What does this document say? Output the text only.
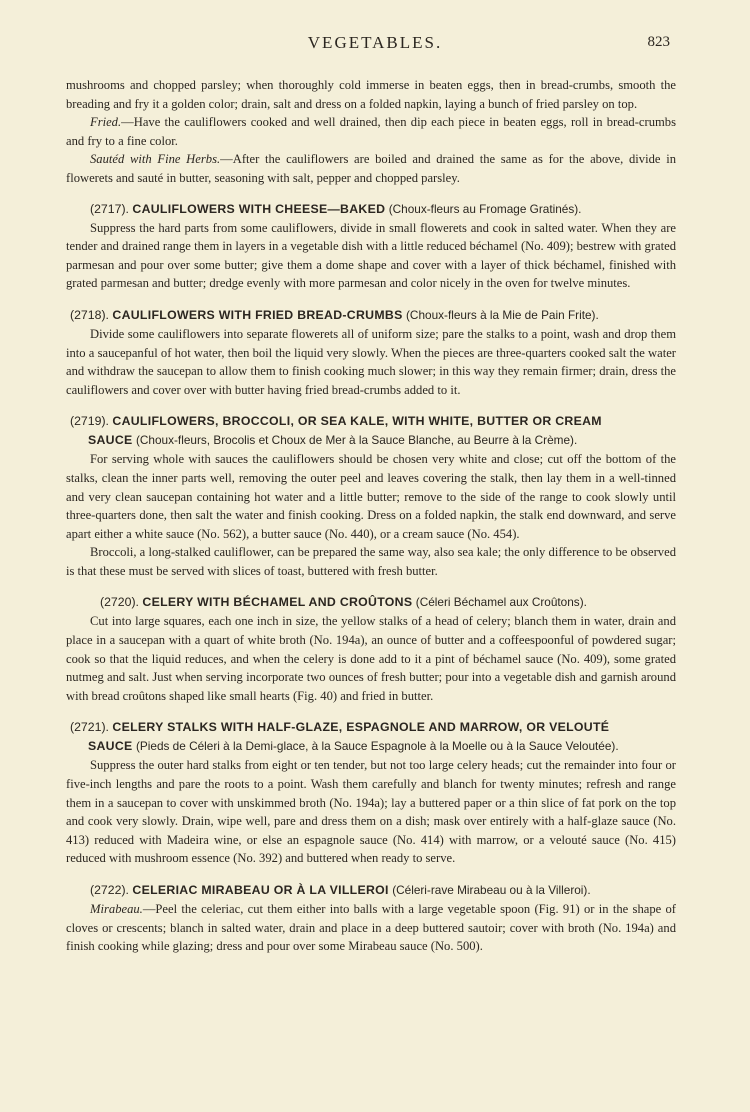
VEGETABLES.	823

mushrooms and chopped parsley; when thoroughly cold immerse in beaten eggs, then in bread-crumbs, smooth the breading and fry it a golden color; drain, salt and dress on a folded napkin, laying a bunch of fried parsley on top.

Fried.—Have the cauliflowers cooked and well drained, then dip each piece in beaten eggs, roll in bread-crumbs and fry to a fine color.

Sautéd with Fine Herbs.—After the cauliflowers are boiled and drained the same as for the above, divide in flowerets and sauté in butter, seasoning with salt, pepper and chopped parsley.

(2717). CAULIFLOWERS WITH CHEESE—BAKED (Choux-fleurs au Fromage Gratinés).

Suppress the hard parts from some cauliflowers, divide in small flowerets and cook in salted water. When they are tender and drained range them in layers in a vegetable dish with a little reduced béchamel (No. 409); bestrew with grated parmesan and pour over some butter; give them a dome shape and cover with a layer of thick béchamel, finished with grated parmesan and butter; dredge evenly with more parmesan and color nicely in the oven for twelve minutes.

(2718). CAULIFLOWERS WITH FRIED BREAD-CRUMBS (Choux-fleurs à la Mie de Pain Frite).

Divide some cauliflowers into separate flowerets all of uniform size; pare the stalks to a point, wash and drop them into a saucepanful of hot water, then boil the liquid very slowly. When the pieces are three-quarters cooked salt the water and withdraw the saucepan to allow them to finish cooking much slower; in this way they remain firmer; drain, dress the cauliflowers and cover over with butter having fried bread-crumbs added to it.

(2719). CAULIFLOWERS, BROCCOLI, OR SEA KALE, WITH WHITE, BUTTER OR CREAM
SAUCE (Choux-fleurs, Brocolis et Choux de Mer à la Sauce Blanche, au Beurre à la Crème).

For serving whole with sauces the cauliflowers should be chosen very white and close; cut off the bottom of the stalks, clean the inner parts well, removing the outer peel and leaves covering the stalk, then lay them in a well-tinned and very clean saucepan containing hot water and a little butter; remove to the side of the range to cook slowly until three-quarters done, then salt the water and finish cooking. Dress on a folded napkin, the stalk end downward, and serve apart either a white sauce (No. 562), a butter sauce (No. 440), or a cream sauce (No. 454).

Broccoli, a long-stalked cauliflower, can be prepared the same way, also sea kale; the only difference to be observed is that these must be served with slices of toast, buttered with fresh butter.

(2720). CELERY WITH BÉCHAMEL AND CROÛTONS (Céleri Béchamel aux Croûtons).

Cut into large squares, each one inch in size, the yellow stalks of a head of celery; blanch them in water, drain and place in a saucepan with a quart of white broth (No. 194a), an ounce of butter and a coffeespoonful of powdered sugar; cook so that the liquid reduces, and when the celery is done add to it a pint of béchamel sauce (No. 409), some grated nutmeg and salt. Just when serving incorporate two ounces of fresh butter; pour into a vegetable dish and garnish around with bread croûtons shaped like small hearts (Fig. 40) and fried in butter.

(2721). CELERY STALKS WITH HALF-GLAZE, ESPAGNOLE AND MARROW, OR VELOUTÉ
SAUCE (Pieds de Céleri à la Demi-glace, à la Sauce Espagnole à la Moelle ou à la Sauce Veloutée).

Suppress the outer hard stalks from eight or ten tender, but not too large celery heads; cut the remainder into four or five-inch lengths and pare the roots to a point. Wash them carefully and blanch for twenty minutes; refresh and range them in a saucepan to cover with unskimmed broth (No. 194a); lay a buttered paper or a thin slice of fat pork on the top and cook very slowly. Drain, wipe well, pare and dress them on a dish; mask over entirely with a half-glaze sauce (No. 413) reduced with Madeira wine, or else an espagnole sauce (No. 414) with marrow, or a velouté sauce (No. 415) reduced with mushroom essence (No. 392) and buttered when ready to serve.

(2722). CELERIAC MIRABEAU OR À LA VILLEROI (Céleri-rave Mirabeau ou à la Villeroi).

Mirabeau.—Peel the celeriac, cut them either into balls with a large vegetable spoon (Fig. 91) or in the shape of cloves or crescents; blanch in salted water, drain and place in a deep buttered sautoir; cover with broth (No. 194a) and finish cooking while glazing; dress and pour over some Mirabeau sauce (No. 500).
